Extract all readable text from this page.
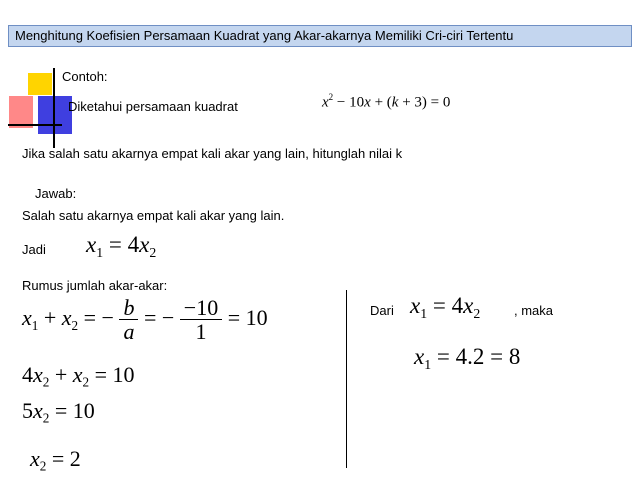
Menghitung Koefisien Persamaan Kuadrat yang Akar-akarnya Memiliki Cri-ciri Tertentu
Contoh:
Diketahui persamaan kuadrat	$x^2 - 10x + (k + 3) = 0$
Jika salah satu akarnya empat kali akar yang lain, hitunglah nilai k
Jawab:
Salah satu akarnya empat kali akar yang lain.
Jadi $x_1 = 4x_2$
Rumus jumlah akar-akar:
$x_1 + x_2$ = − $\frac{b}{a}$ = − $\frac{-10}{1} = 10$
$4x_2 + x_2 = 10$
$5x_2 = 10$
$x_2 = 2$
Dari $x_1 = 4x_2$	, maka
$x_1 = 4.2 = 8$
